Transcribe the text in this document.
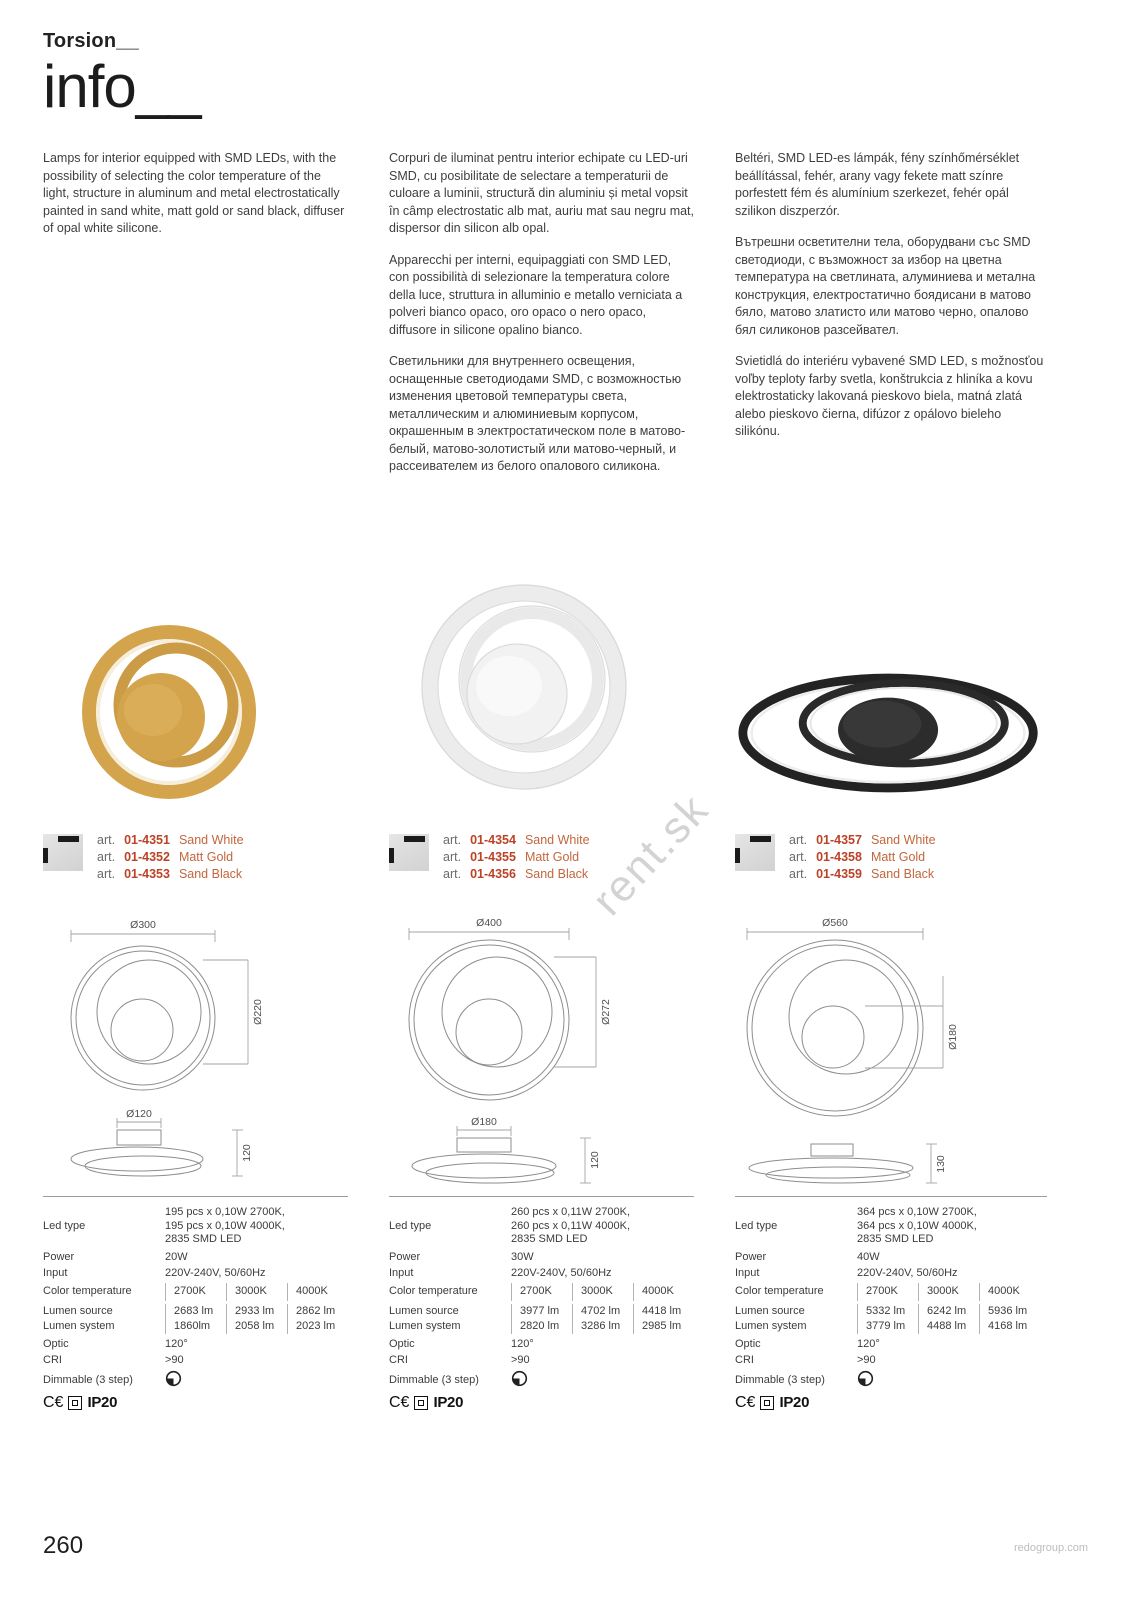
Torsion__
info__

Lamps for interior equipped with SMD LEDs, with the possibility of selecting the color temperature of the light, structure in aluminum and metal electrostatically painted in sand white, matt gold or sand black, diffuser of opal white silicone.

Corpuri de iluminat pentru interior echipate cu LED-uri SMD, cu posibilitate de selectare a temperaturii de culoare a luminii, structură din aluminiu și metal vopsit în câmp electrostatic alb mat, auriu mat sau negru mat, dispersor din silicon alb opal.

Apparecchi per interni, equipaggiati con SMD LED, con possibilità di selezionare la temperatura colore della luce, struttura in alluminio e metallo verniciata a polveri bianco opaco, oro opaco o nero opaco, diffusore in silicone opalino bianco.

Светильники для внутреннего освещения, оснащенные светодиодами SMD, с возможностью изменения цветовой температуры света, металлическим и алюминиевым корпусом, окрашенным в электростатическом поле в матово-белый, матово-золотистый или матово-черный, и рассеивателем из белого опалового силикона.

Beltéri, SMD LED-es lámpák, fény színhőmérséklet beállítással, fehér, arany vagy fekete matt színre porfestett fém és alumínium szerkezet, fehér opál szilikon diszperzór.

Вътрешни осветителни тела, оборудвани със SMD светодиоди, с възможност за избор на цветна температура на светлината, алуминиева и метална конструкция, електростатично боядисани в матово бяло, матово златисто или матово черно, опалово бял силиконов разсейвател.

Svietidlá do interiéru vybavené SMD LED, s možnosťou voľby teploty farby svetla, konštrukcia z hliníka a kovu elektrostaticky lakovaná pieskovo biela, matná zlatá alebo pieskovo čierna, difúzor z opálovo bieleho silikónu.

rent.sk
art. 01-4351 Sand White
art. 01-4352 Matt Gold
art. 01-4353 Sand Black
art. 01-4354 Sand White
art. 01-4355 Matt Gold
art. 01-4356 Sand Black
art. 01-4357 Sand White
art. 01-4358 Matt Gold
art. 01-4359 Sand Black
Ø300
Ø220
Ø120
120
Ø400
Ø272
Ø180
120
Ø560
Ø180
130
Led type
195 pcs x 0,10W 2700K,
195 pcs x 0,10W 4000K,
2835 SMD LED
Power	20W
Input	220V-240V, 50/60Hz
Color temperature	2700K	3000K	4000K
Lumen source	2683 lm	2933 lm	2862 lm
Lumen system	1860lm	2058 lm	2023 lm
Optic	120°
CRI	>90
Dimmable (3 step)
C€ IP20
Led type
260 pcs x 0,11W 2700K,
260 pcs x 0,11W 4000K,
2835 SMD LED
Power	30W
Input	220V-240V, 50/60Hz
Color temperature	2700K	3000K	4000K
Lumen source	3977 lm	4702 lm	4418 lm
Lumen system	2820 lm	3286 lm	2985 lm
Optic	120°
CRI	>90
Dimmable (3 step)
C€ IP20
Led type
364 pcs x 0,10W 2700K,
364 pcs x 0,10W 4000K,
2835 SMD LED
Power	40W
Input	220V-240V, 50/60Hz
Color temperature	2700K	3000K	4000K
Lumen source	5332 lm	6242 lm	5936 lm
Lumen system	3779 lm	4488 lm	4168 lm
Optic	120°
CRI	>90
Dimmable (3 step)
C€ IP20
260	redogroup.com
